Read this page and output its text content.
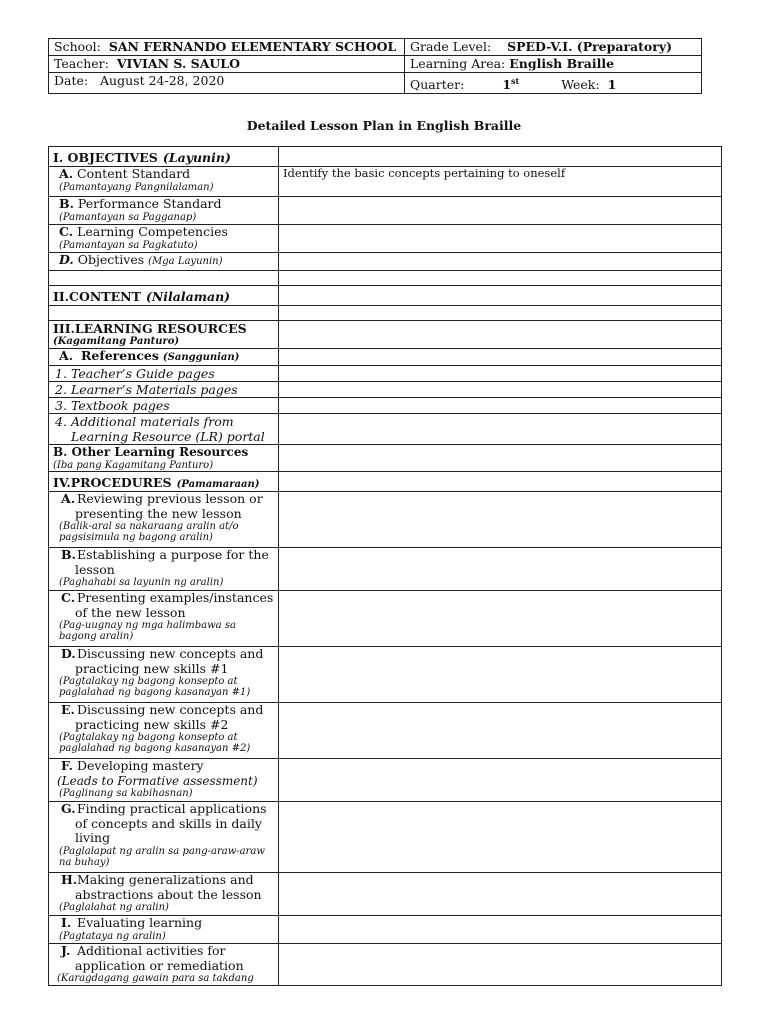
School: SAN FERNANDO ELEMENTARY SCHOOL	Grade Level: SPED-V.I. (Preparatory)
Teacher: VIVIAN S. SAULO	Learning Area: English Braille
Date: August 24-28, 2020	Quarter: 1st Week: 1
Detailed Lesson Plan in English Braille
I. OBJECTIVES (Layunin)	

A. Content Standard
(Pamantayang Pangnilalaman)	Identify the basic concepts pertaining to oneself

B. Performance Standard
(Pamantayan sa Pagganap)	

C. Learning Competencies
(Pamantayan sa Pagkatuto)	

D. Objectives (Mga Layunin)	

II.CONTENT (Nilalaman)	

III.LEARNING RESOURCES
(Kagamitang Panturo)	

A. References (Sanggunian)	

1. Teacher’s Guide pages	

2. Learner’s Materials pages	

3. Textbook pages	

4. Additional materials from Learning Resource (LR) portal	

B. Other Learning Resources
(Iba pang Kagamitang Panturo)	

IV.PROCEDURES (Pamamaraan)	

A. Reviewing previous lesson or presenting the new lesson
(Balik-aral sa nakaraang aralin at/o pagsisimula ng bagong aralin)	

B.Establishing a purpose for the lesson
(Paghahabi sa layunin ng aralin)	

C. Presenting examples/instances of the new lesson
(Pag-uugnay ng mga halimbawa sa bagong aralin)	

D.Discussing new concepts and practicing new skills #1
(Pagtalakay ng bagong konsepto at paglalahad ng bagong kasanayan #1)	

E. Discussing new concepts and practicing new skills #2
(Pagtalakay ng bagong konsepto at paglalahad ng bagong kasanayan #2)	

F. Developing mastery
(Leads to Formative assessment)
(Paglinang sa kabihasnan)	

G.Finding practical applications of concepts and skills in daily living
(Paglalapat ng aralin sa pang-araw-araw na buhay)	

H.Making generalizations and abstractions about the lesson
(Paglalahat ng aralin)	

I. Evaluating learning
(Pagtataya ng aralin)	

J. Additional activities for application or remediation
(Karagdagang gawain para sa takdang	
